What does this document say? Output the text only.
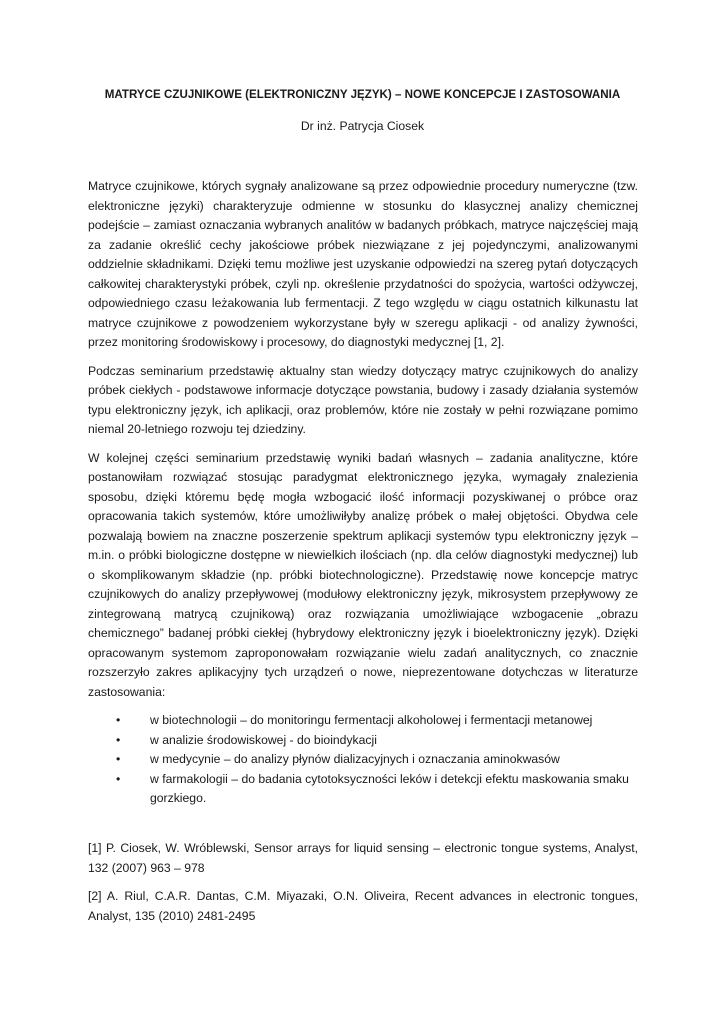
MATRYCE CZUJNIKOWE (ELEKTRONICZNY JĘZYK) – NOWE KONCEPCJE I ZASTOSOWANIA
Dr inż. Patrycja Ciosek

Matryce czujnikowe, których sygnały analizowane są przez odpowiednie procedury numeryczne (tzw. elektroniczne języki) charakteryzuje odmienne w stosunku do klasycznej analizy chemicznej podejście – zamiast oznaczania wybranych analitów w badanych próbkach, matryce najczęściej mają za zadanie określić cechy jakościowe próbek niezwiązane z jej pojedynczymi, analizowanymi oddzielnie składnikami. Dzięki temu możliwe jest uzyskanie odpowiedzi na szereg pytań dotyczących całkowitej charakterystyki próbek, czyli np. określenie przydatności do spożycia, wartości odżywczej, odpowiedniego czasu leżakowania lub fermentacji. Z tego względu w ciągu ostatnich kilkunastu lat matryce czujnikowe z powodzeniem wykorzystane były w szeregu aplikacji - od analizy żywności, przez monitoring środowiskowy i procesowy, do diagnostyki medycznej [1, 2].

Podczas seminarium przedstawię aktualny stan wiedzy dotyczący matryc czujnikowych do analizy próbek ciekłych - podstawowe informacje dotyczące powstania, budowy i zasady działania systemów typu elektroniczny język, ich aplikacji, oraz problemów, które nie zostały w pełni rozwiązane pomimo niemal 20-letniego rozwoju tej dziedziny.

W kolejnej części seminarium przedstawię wyniki badań własnych – zadania analityczne, które postanowiłam rozwiązać stosując paradygmat elektronicznego języka, wymagały znalezienia sposobu, dzięki któremu będę mogła wzbogacić ilość informacji pozyskiwanej o próbce oraz opracowania takich systemów, które umożliwiłyby analizę próbek o małej objętości. Obydwa cele pozwalają bowiem na znaczne poszerzenie spektrum aplikacji systemów typu elektroniczny język – m.in. o próbki biologiczne dostępne w niewielkich ilościach (np. dla celów diagnostyki medycznej) lub o skomplikowanym składzie (np. próbki biotechnologiczne). Przedstawię nowe koncepcje matryc czujnikowych do analizy przepływowej (modułowy elektroniczny język, mikrosystem przepływowy ze zintegrowaną matrycą czujnikową) oraz rozwiązania umożliwiające wzbogacenie „obrazu chemicznego” badanej próbki ciekłej (hybrydowy elektroniczny język i bioelektroniczny język). Dzięki opracowanym systemom zaproponowałam rozwiązanie wielu zadań analitycznych, co znacznie rozszerzyło zakres aplikacyjny tych urządzeń o nowe, nieprezentowane dotychczas w literaturze zastosowania:

• w biotechnologii – do monitoringu fermentacji alkoholowej i fermentacji metanowej
• w analizie środowiskowej - do bioindykacji
• w medycynie – do analizy płynów dializacyjnych i oznaczania aminokwasów
• w farmakologii – do badania cytotoksyczności leków i detekcji efektu maskowania smaku gorzkiego.

[1] P. Ciosek, W. Wróblewski, Sensor arrays for liquid sensing – electronic tongue systems, Analyst, 132 (2007) 963 – 978

[2] A. Riul, C.A.R. Dantas, C.M. Miyazaki, O.N. Oliveira, Recent advances in electronic tongues, Analyst, 135 (2010) 2481-2495
